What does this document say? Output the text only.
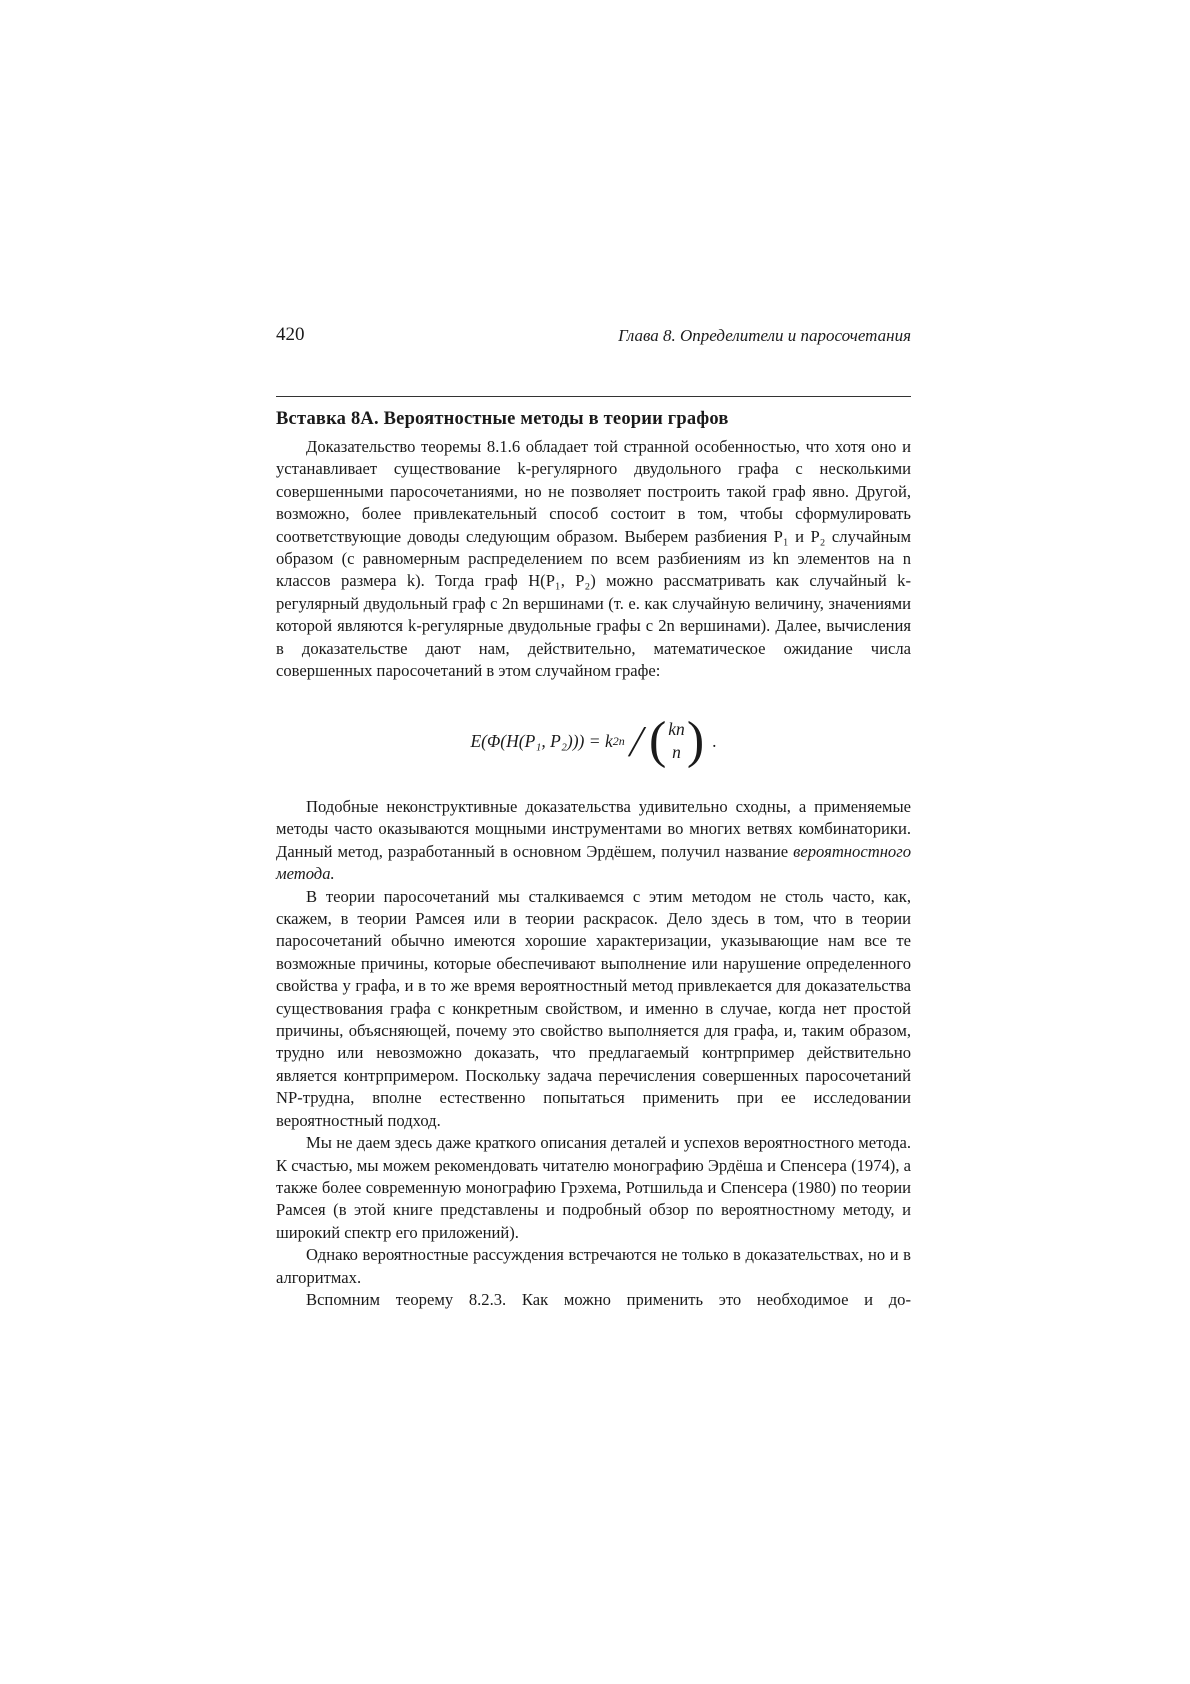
420	Глава 8. Определители и паросочетания
Вставка 8А. Вероятностные методы в теории графов

Доказательство теоремы 8.1.6 обладает той странной особенностью, что хотя оно и устанавливает существование k-регулярного двудольного графа с несколькими совершенными паросочетаниями, но не позволяет построить такой граф явно. Другой, возможно, более привлекательный способ состоит в том, чтобы сформулировать соответствующие доводы следующим образом. Выберем разбиения P₁ и P₂ случайным образом (с равномерным распределением по всем разбиениям из kn элементов на n классов размера k). Тогда граф H(P₁, P₂) можно рассматривать как случайный k-регулярный двудольный граф с 2n вершинами (т. е. как случайную величину, значениями которой являются k-регулярные двудольные графы с 2n вершинами). Далее, вычисления в доказательстве дают нам, действительно, математическое ожидание числа совершенных паросочетаний в этом случайном графе:

E(Φ(H(P₁, P₂))) = k 2n / ( kn
n ) .

Подобные неконструктивные доказательства удивительно сходны, а применяемые методы часто оказываются мощными инструментами во многих ветвях комбинаторики. Данный метод, разработанный в основном Эрдёшем, получил название вероятностного метода.

В теории паросочетаний мы сталкиваемся с этим методом не столь часто, как, скажем, в теории Рамсея или в теории раскрасок. Дело здесь в том, что в теории паросочетаний обычно имеются хорошие характеризации, указывающие нам все те возможные причины, которые обеспечивают выполнение или нарушение определенного свойства у графа, и в то же время вероятностный метод привлекается для доказательства существования графа с конкретным свойством, и именно в случае, когда нет простой причины, объясняющей, почему это свойство выполняется для графа, и, таким образом, трудно или невозможно доказать, что предлагаемый контрпример действительно является контрпримером. Поскольку задача перечисления совершенных паросочетаний NP-трудна, вполне естественно попытаться применить при ее исследовании вероятностный подход.

Мы не даем здесь даже краткого описания деталей и успехов вероятностного метода. К счастью, мы можем рекомендовать читателю монографию Эрдёша и Спенсера (1974), а также более современную монографию Грэхема, Ротшильда и Спенсера (1980) по теории Рамсея (в этой книге представлены и подробный обзор по вероятностному методу, и широкий спектр его приложений).

Однако вероятностные рассуждения встречаются не только в доказательствах, но и в алгоритмах.

Вспомним теорему 8.2.3. Как можно применить это необходимое и до-
